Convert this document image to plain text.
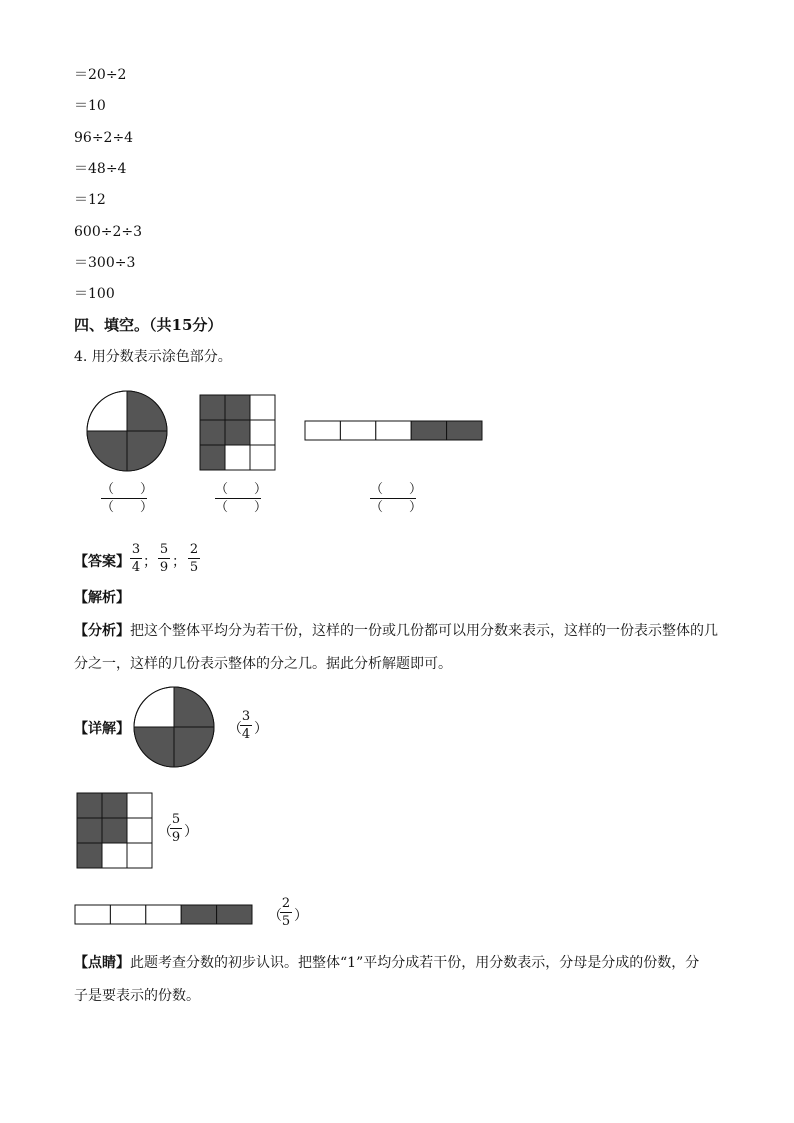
＝20÷2
＝10
96÷2÷4
＝48÷4
＝12
600÷2÷3
＝300÷3
＝100
四、填空。（共15分）
4. 用分数表示涂色部分。
（　　）
（　　）
（　　）
（　　）
（　　）
（　　）
【答案】
3
4 ；
5
9 ；
2
5
【解析】
【分析】把这个整体平均分为若干份，这样的一份或几份都可以用分数来表示，这样的一份表示整体的几
分之一，这样的几份表示整体的分之几。据此分析解题即可。
【详解】	（
3
4 ）
（
5
9 ）
（
2
5 ）
【点睛】此题考查分数的初步认识。把整体“1”平均分成若干份，用分数表示，分母是分成的份数，分
子是要表示的份数。
